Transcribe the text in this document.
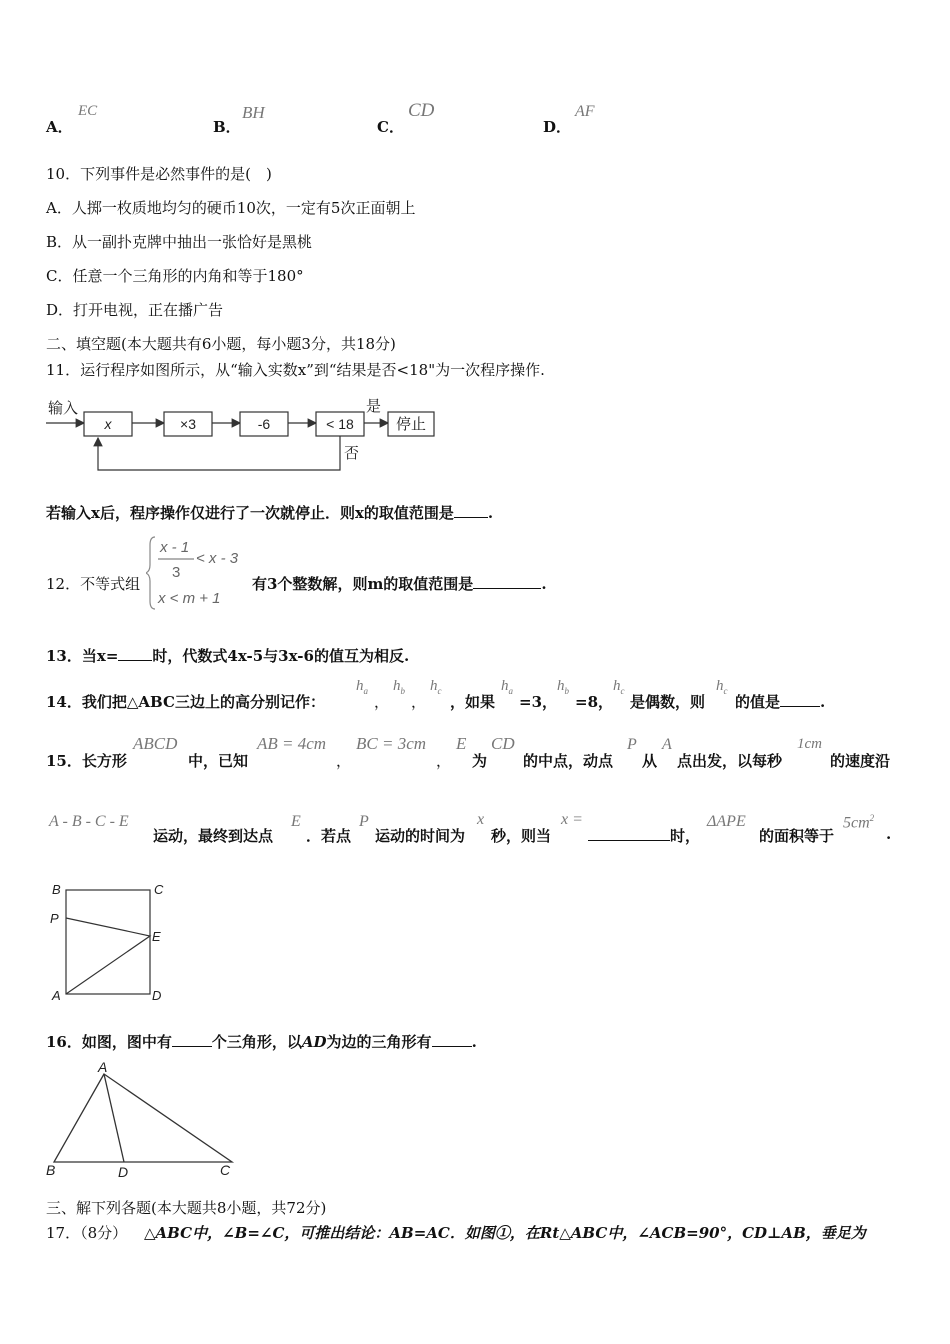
A．
EC
B．
BH
C．
CD
D．
AF
10．下列事件是必然事件的是(　)
A．人掷一枚质地均匀的硬币10次，一定有5次正面朝上
B．从一副扑克牌中抽出一张恰好是黑桃
C．任意一个三角形的内角和等于180°
D．打开电视，正在播广告
二、填空题(本大题共有6小题，每小题3分，共18分)
11．运行程序如图所示，从“输入实数x”到“结果是否<18"为一次程序操作.
输入
x	×3	-6	< 18
是
停止
否
若输入x后，程序操作仅进行了一次就停止．则x的取值范围是 .
12．不等式组
x - 1
3
< x - 3
x < m + 1
有3个整数解，则m的取值范围是	.
13．当x= 时，代数式4x-5与3x-6的值互为相反.
14．我们把△ABC三边上的高分别记作：
$h_a$
，
$h_b$
，
$h_c$
，如果
$h_a$
=3，
$h_b$
=8，
$h_c$
是偶数，则
$h_c$
的值是	.
15．长方形
ABCD
中，已知
AB = 4cm
，
BC = 3cm
，
E
为
CD
的中点，动点
P
从
A
点出发，以每秒
1cm
的速度沿
A - B - C - E
运动，最终到达点
E
．若点
P
运动的时间为
x
秒，则当
x =
时，
ΔAPE
的面积等于
$5cm^2$
.
B	C
P
E
A	D
16．如图，图中有	个三角形，以AD为边的三角形有	.
A
B	D	C
三、解下列各题(本大题共8小题，共72分)
17．（8分） △ABC中，∠B=∠C，可推出结论：AB=AC．如图①，在Rt△ABC中，∠ACB=90°，CD⊥AB，垂足为
